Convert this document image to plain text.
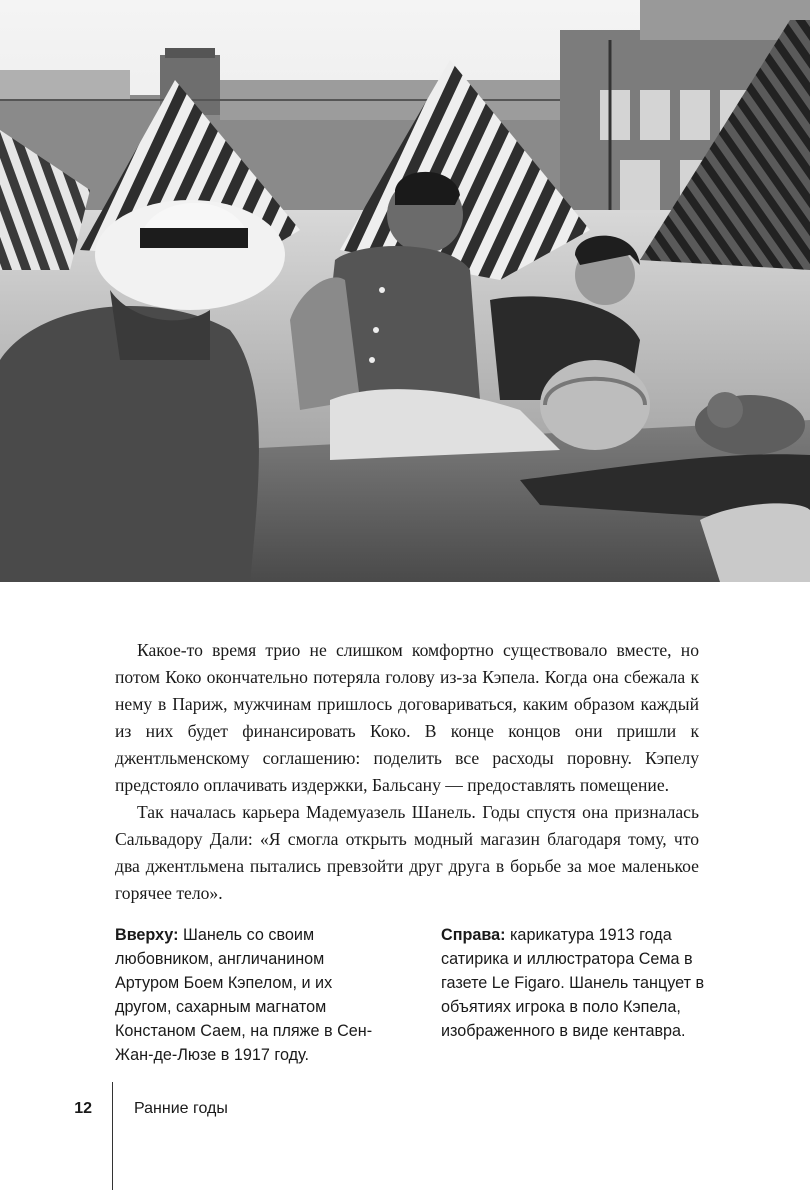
Какое-то время трио не слишком комфортно существовало вместе, но потом Коко окончательно потеряла голову из-за Кэпела. Когда она сбежала к нему в Париж, мужчинам пришлось договариваться, каким образом каждый из них будет финансировать Коко. В конце концов они пришли к джентльменскому соглашению: поделить все расходы поровну. Кэпелу предстояло оплачивать издержки, Бальсану — предоставлять помещение.

Так началась карьера Мадемуазель Шанель. Годы спустя она призналась Сальвадору Дали: «Я смогла открыть модный магазин благодаря тому, что два джентльмена пытались превзойти друг друга в борьбе за мое маленькое горячее тело».

Вверху: Шанель со своим любовником, англичанином Артуром Боем Кэпелом, и их другом, сахарным магнатом Констаном Саем, на пляже в Сен-Жан-де-Люзе в 1917 году.
Справа: карикатура 1913 года сатирика и иллюстратора Сема в газете Le Figaro. Шанель танцует в объятиях игрока в поло Кэпела, изображенного в виде кентавра.
12	Ранние годы
